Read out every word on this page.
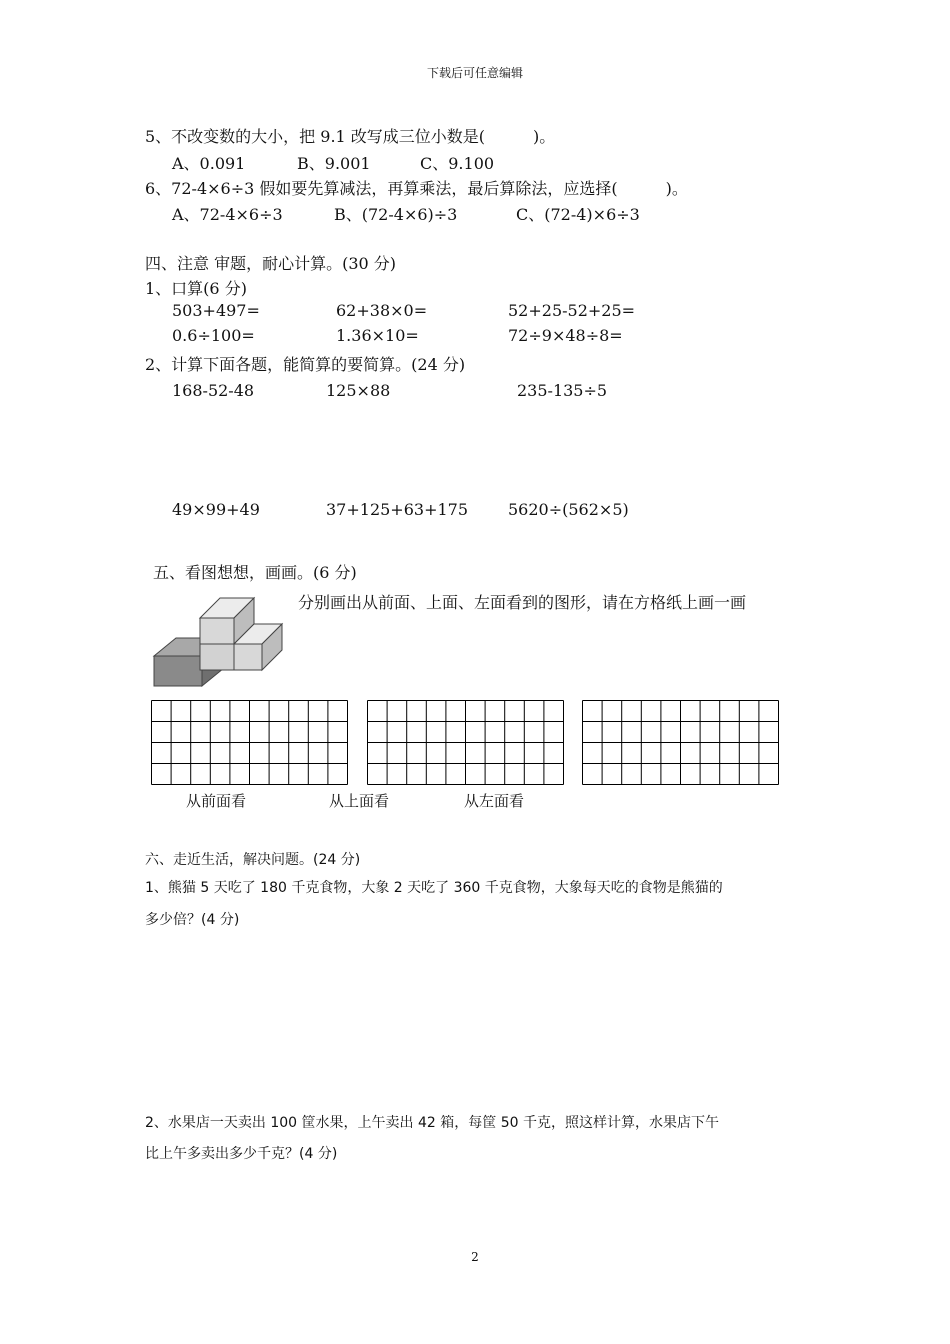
下载后可任意编辑
5、不改变数的大小，把 9.1 改写成三位小数是(　　　)。
A、0.091	B、9.001	C、9.100
6、72-4×6÷3 假如要先算减法，再算乘法，最后算除法，应选择(　　　)。
A、72-4×6÷3	B、(72-4×6)÷3	C、(72-4)×6÷3
四、注意 审题，耐心计算。(30 分)
1、口算(6 分)
503+497=	62+38×0=	52+25-52+25=
0.6÷100=	1.36×10=	72÷9×48÷8=
2、计算下面各题，能简算的要简算。(24 分)
168-52-48	125×88	235-135÷5
49×99+49	37+125+63+175 5620÷(562×5)
五、看图想想，画画。(6 分)
分别画出从前面、上面、左面看到的图形，请在方格纸上画一画
从前面看	从上面看	从左面看
六、走近生活，解决问题。(24 分)
1、熊猫 5 天吃了 180 千克食物，大象 2 天吃了 360 千克食物，大象每天吃的食物是熊猫的
多少倍？(4 分)
2、水果店一天卖出 100 筐水果，上午卖出 42 箱，每筐 50 千克，照这样计算，水果店下午
比上午多卖出多少千克？(4 分)
2
